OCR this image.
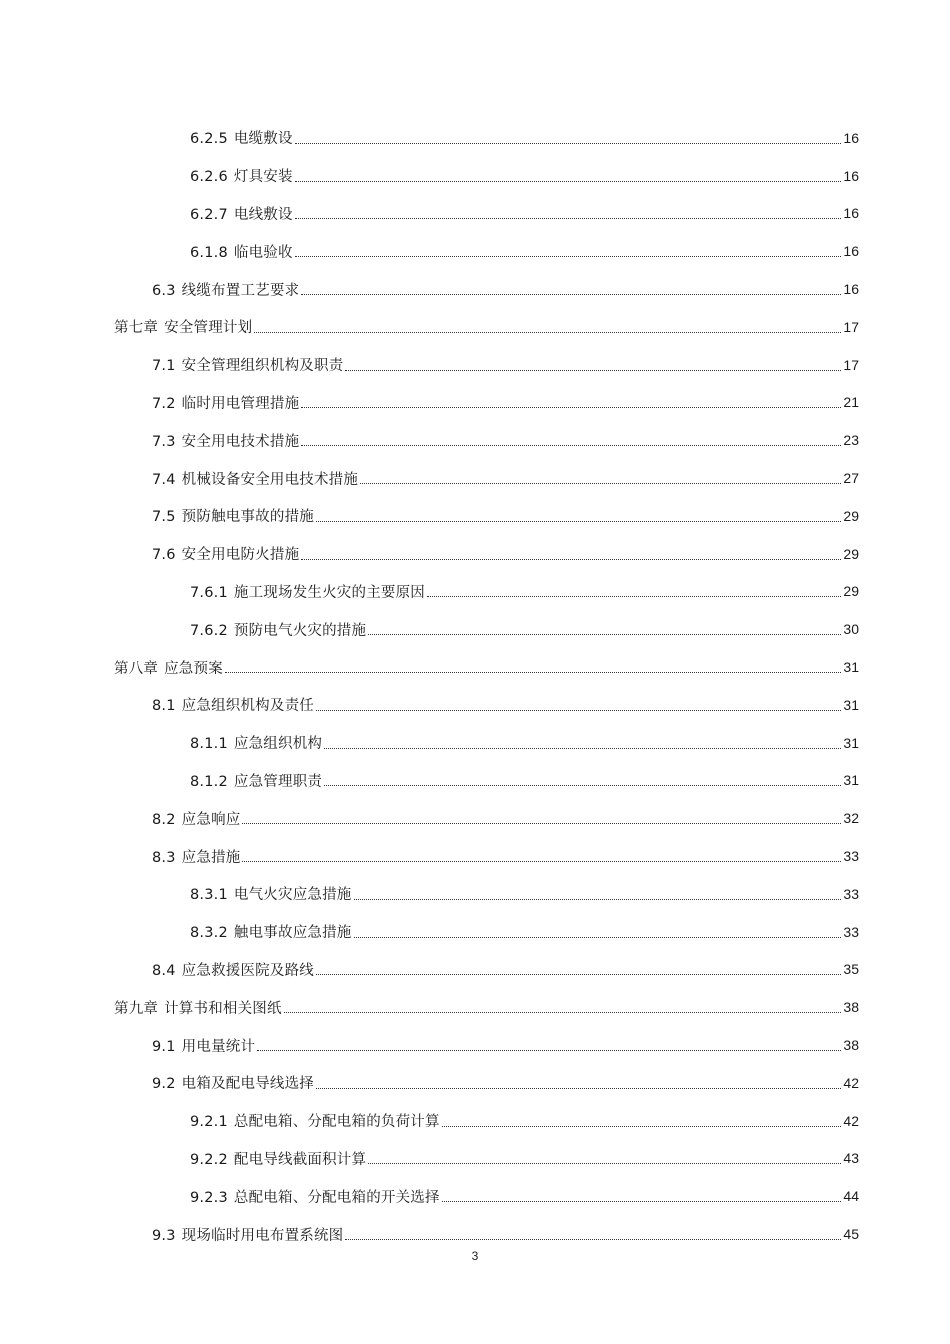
6.2.5 电缆敷设	16
6.2.6 灯具安装	16
6.2.7 电线敷设	16
6.1.8 临电验收	16
6.3 线缆布置工艺要求	16
第七章 安全管理计划	17
7.1 安全管理组织机构及职责	17
7.2 临时用电管理措施	21
7.3 安全用电技术措施	23
7.4 机械设备安全用电技术措施	27
7.5 预防触电事故的措施	29
7.6 安全用电防火措施	29
7.6.1 施工现场发生火灾的主要原因	29
7.6.2 预防电气火灾的措施	30
第八章 应急预案	31
8.1 应急组织机构及责任	31
8.1.1 应急组织机构	31
8.1.2 应急管理职责	31
8.2 应急响应	32
8.3 应急措施	33
8.3.1 电气火灾应急措施	33
8.3.2 触电事故应急措施	33
8.4 应急救援医院及路线	35
第九章 计算书和相关图纸	38
9.1 用电量统计	38
9.2 电箱及配电导线选择	42
9.2.1 总配电箱、分配电箱的负荷计算	42
9.2.2 配电导线截面积计算	43
9.2.3 总配电箱、分配电箱的开关选择	44
9.3 现场临时用电布置系统图	45
3
